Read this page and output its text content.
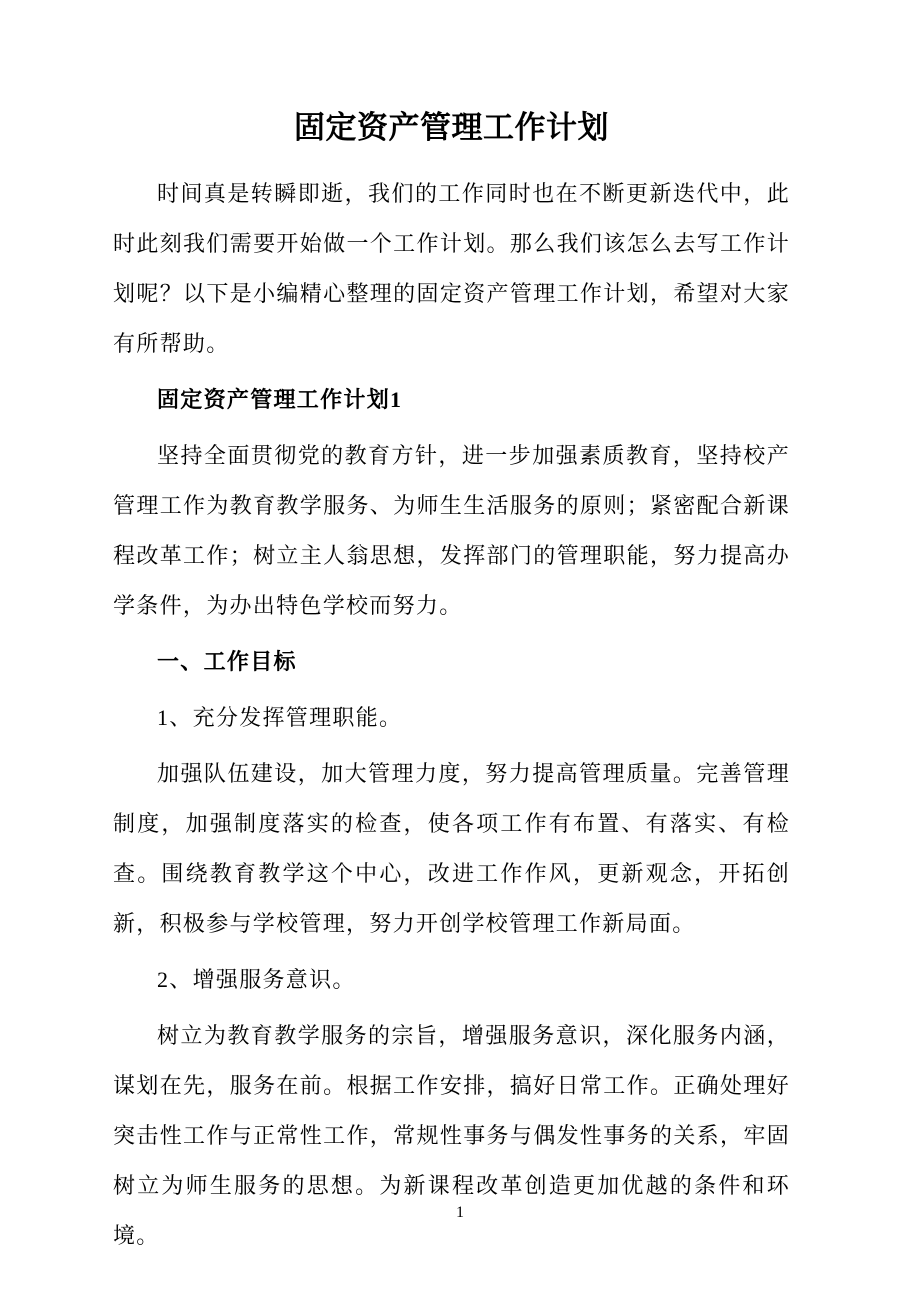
固定资产管理工作计划

时间真是转瞬即逝，我们的工作同时也在不断更新迭代中，此时此刻我们需要开始做一个工作计划。那么我们该怎么去写工作计划呢？以下是小编精心整理的固定资产管理工作计划，希望对大家有所帮助。

固定资产管理工作计划1

坚持全面贯彻党的教育方针，进一步加强素质教育，坚持校产管理工作为教育教学服务、为师生生活服务的原则；紧密配合新课程改革工作；树立主人翁思想，发挥部门的管理职能，努力提高办学条件，为办出特色学校而努力。

一、工作目标

1、充分发挥管理职能。

加强队伍建设，加大管理力度，努力提高管理质量。完善管理制度，加强制度落实的检查，使各项工作有布置、有落实、有检查。围绕教育教学这个中心，改进工作作风，更新观念，开拓创新，积极参与学校管理，努力开创学校管理工作新局面。

2、增强服务意识。

树立为教育教学服务的宗旨，增强服务意识，深化服务内涵，谋划在先，服务在前。根据工作安排，搞好日常工作。正确处理好突击性工作与正常性工作，常规性事务与偶发性事务的关系，牢固树立为师生服务的思想。为新课程改革创造更加优越的条件和环境。

1
